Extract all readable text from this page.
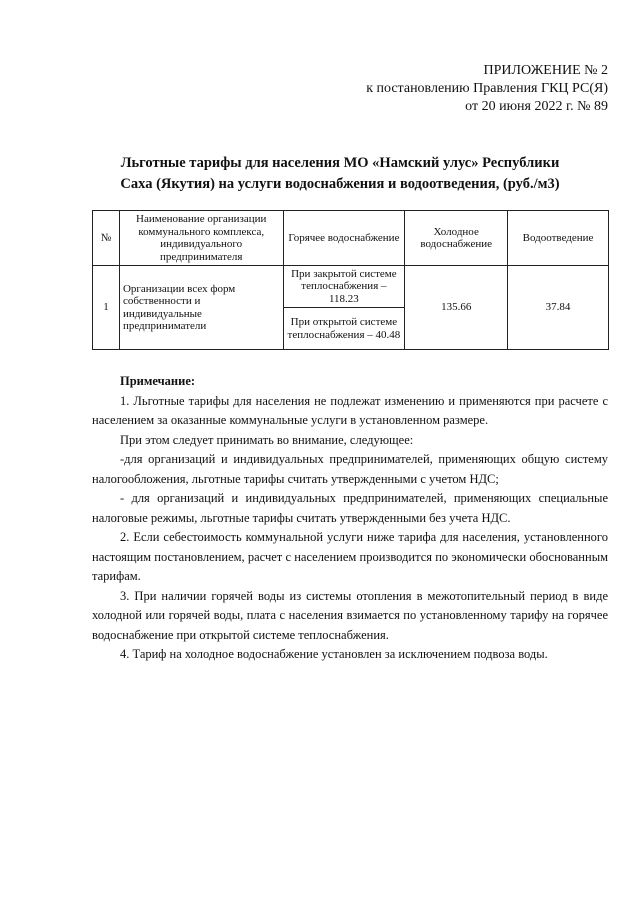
ПРИЛОЖЕНИЕ № 2
к постановлению Правления ГКЦ РС(Я)
от 20 июня 2022 г. № 89
Льготные тарифы для населения МО «Намский улус» Республики
Саха (Якутия) на услуги водоснабжения и водоотведения, (руб./м3)
№	Наименование организации коммунального комплекса, индивидуального предпринимателя	Горячее водоснабжение	Холодное водоснабжение	Водоотведение
1	Организации всех форм собственности и индивидуальные предприниматели	При закрытой системе теплоснабжения – 118.23	135.66	37.84
		При открытой системе теплоснабжения – 40.48		

Примечание:

1. Льготные тарифы для населения не подлежат изменению и применяются при расчете с населением за оказанные коммунальные услуги в установленном размере.

При этом следует принимать во внимание, следующее:

-для организаций и индивидуальных предпринимателей, применяющих общую систему налогообложения, льготные тарифы считать утвержденными с учетом НДС;

- для организаций и индивидуальных предпринимателей, применяющих специальные налоговые режимы, льготные тарифы считать утвержденными без учета НДС.

2. Если себестоимость коммунальной услуги ниже тарифа для населения, установленного настоящим постановлением, расчет с населением производится по экономически обоснованным тарифам.

3. При наличии горячей воды из системы отопления в межотопительный период в виде холодной или горячей воды, плата с населения взимается по установленному тарифу на горячее водоснабжение при открытой системе теплоснабжения.

4. Тариф на холодное водоснабжение установлен за исключением подвоза воды.
